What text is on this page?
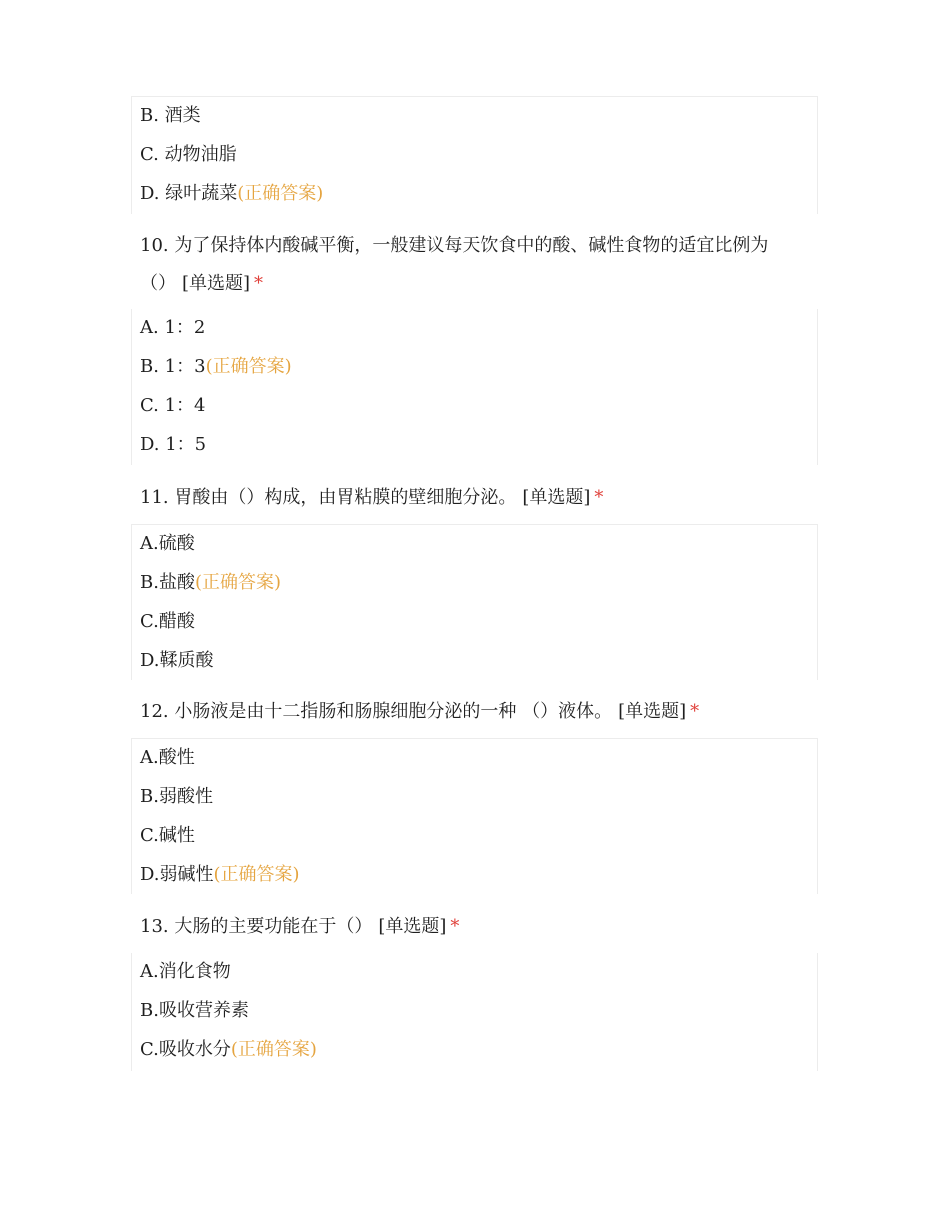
B. 酒类
C. 动物油脂
D. 绿叶蔬菜(正确答案)
10. 为了保持体内酸碱平衡，一般建议每天饮食中的酸、碱性食物的适宜比例为
（） [单选题] *
A. 1：2
B. 1：3(正确答案)
C. 1：4
D. 1：5
11. 胃酸由（）构成，由胃粘膜的壁细胞分泌。 [单选题] *
A.硫酸
B.盐酸(正确答案)
C.醋酸
D.鞣质酸
12. 小肠液是由十二指肠和肠腺细胞分泌的一种 （）液体。 [单选题] *
A.酸性
B.弱酸性
C.碱性
D.弱碱性(正确答案)
13. 大肠的主要功能在于（） [单选题] *
A.消化食物
B.吸收营养素
C.吸收水分(正确答案)
